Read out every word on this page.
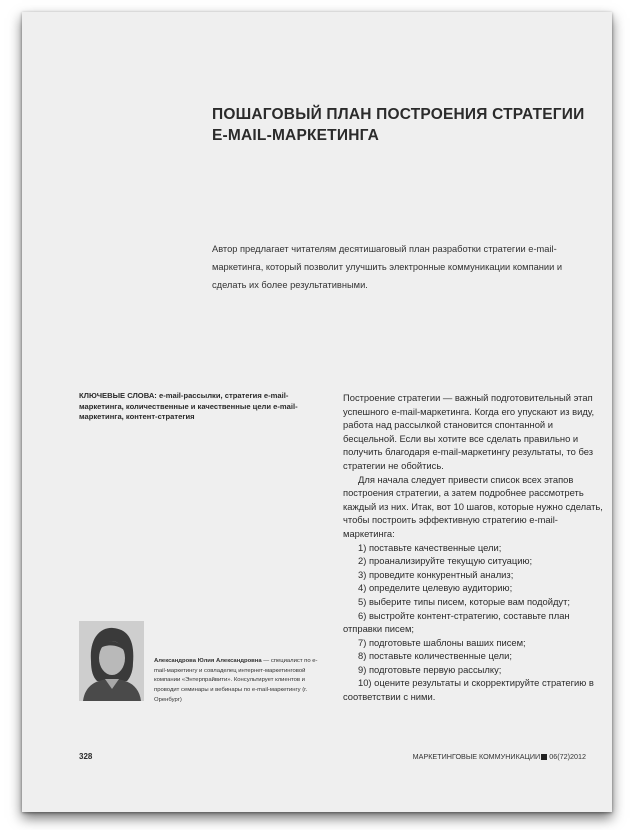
ПОШАГОВЫЙ ПЛАН ПОСТРОЕНИЯ СТРАТЕГИИ
E-MAIL-МАРКЕТИНГА
Автор предлагает читателям десятишаговый план разработки стратегии e-mail-маркетинга, который позволит улучшить электронные коммуникации компании и сделать их более результативными.
КЛЮЧЕВЫЕ СЛОВА: e-mail-рассылки, стратегия e-mail-маркетинга, количественные и качественные цели e-mail-маркетинга, контент-стратегия
Александрова Юлия Александровна — специалист по e-mail-маркетингу и совладелец интернет-маркетинговой компании «Энтерпрайвити». Консультирует клиентов и проводит семинары и вебинары по e-mail-маркетингу (г. Оренбург)

Построение стратегии — важный подготовительный этап успешного e-mail-маркетинга. Когда его упускают из виду, работа над рассылкой становится спонтанной и бесцельной. Если вы хотите все сделать правильно и получить благодаря e-mail-маркетингу результаты, то без стратегии не обойтись.

Для начала следует привести список всех этапов построения стратегии, а затем подробнее рассмотреть каждый из них. Итак, вот 10 шагов, которые нужно сделать, чтобы построить эффективную стратегию e-mail-маркетинга:

1) поставьте качественные цели;

2) проанализируйте текущую ситуацию;

3) проведите конкурентный анализ;

4) определите целевую аудиторию;

5) выберите типы писем, которые вам подойдут;

6) выстройте контент-стратегию, составьте план отправки писем;

7) подготовьте шаблоны ваших писем;

8) поставьте количественные цели;

9) подготовьте первую рассылку;

10) оцените результаты и скорректируйте стратегию в соответствии с ними.

328	МАРКЕТИНГОВЫЕ КОММУНИКАЦИИ 06(72)2012
